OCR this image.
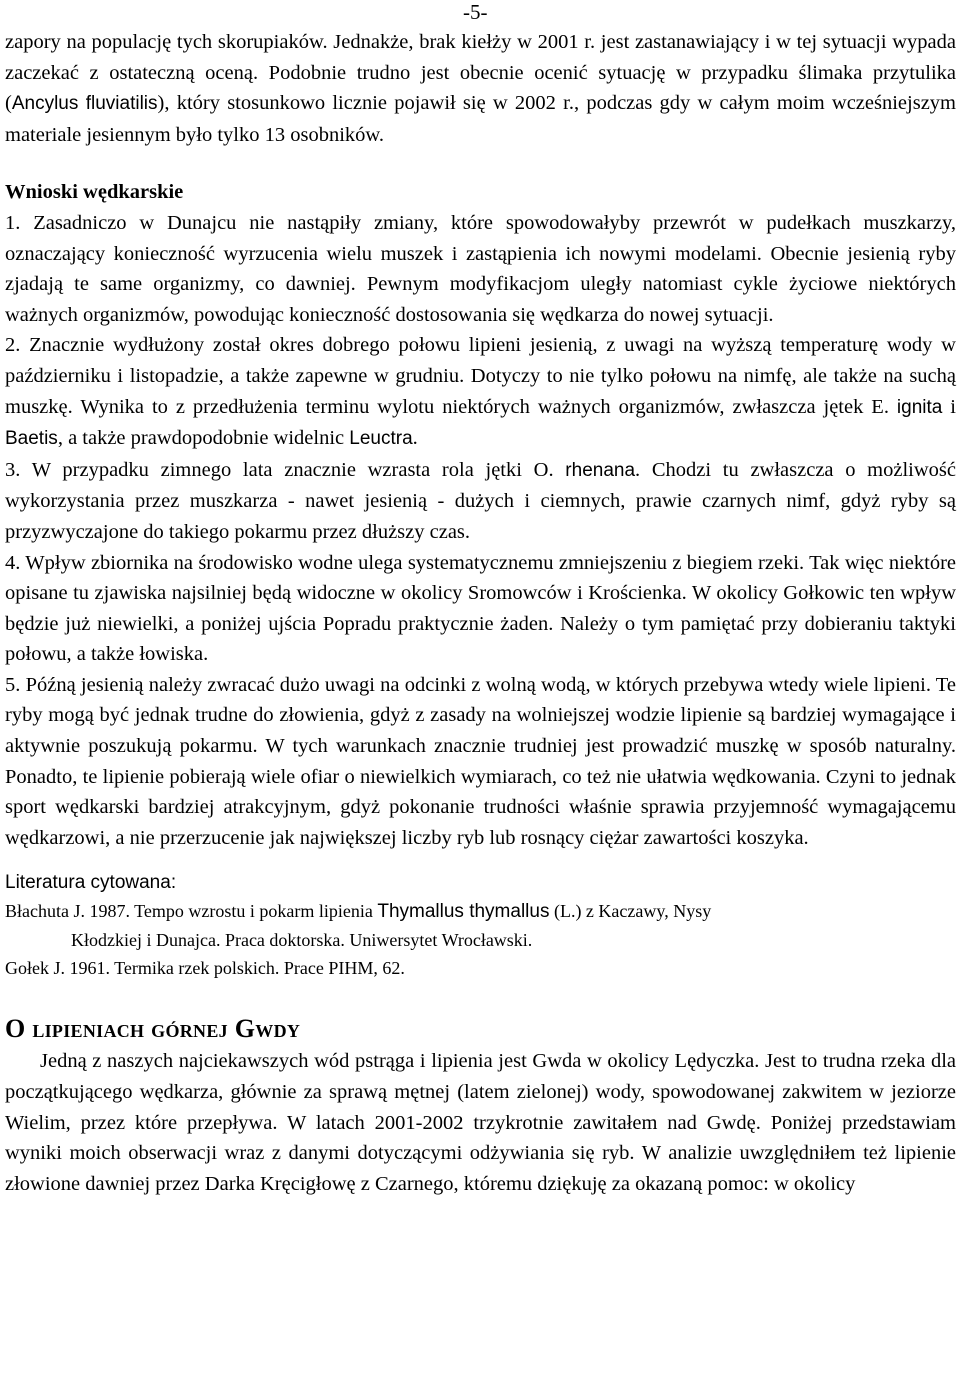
-5-

zapory na populację tych skorupiaków. Jednakże, brak kiełży w 2001 r. jest zastanawiający i w tej sytuacji wypada zaczekać z ostateczną oceną. Podobnie trudno jest obecnie ocenić sytuację w przypadku ślimaka przytulika (Ancylus fluviatilis), który stosunkowo licznie pojawił się w 2002 r., podczas gdy w całym moim wcześniejszym materiale jesiennym było tylko 13 osobników.

Wnioski wędkarskie

1. Zasadniczo w Dunajcu nie nastąpiły zmiany, które spowodowałyby przewrót w pudełkach muszkarzy, oznaczający konieczność wyrzucenia wielu muszek i zastąpienia ich nowymi modelami. Obecnie jesienią ryby zjadają te same organizmy, co dawniej. Pewnym modyfikacjom uległy natomiast cykle życiowe niektórych ważnych organizmów, powodując konieczność dostosowania się wędkarza do nowej sytuacji.

2. Znacznie wydłużony został okres dobrego połowu lipieni jesienią, z uwagi na wyższą temperaturę wody w październiku i listopadzie, a także zapewne w grudniu. Dotyczy to nie tylko połowu na nimfę, ale także na suchą muszkę. Wynika to z przedłużenia terminu wylotu niektórych ważnych organizmów, zwłaszcza jętek E. ignita i Baetis, a także prawdopodobnie widelnic Leuctra.

3. W przypadku zimnego lata znacznie wzrasta rola jętki O. rhenana. Chodzi tu zwłaszcza o możliwość wykorzystania przez muszkarza - nawet jesienią - dużych i ciemnych, prawie czarnych nimf, gdyż ryby są przyzwyczajone do takiego pokarmu przez dłuższy czas.

4. Wpływ zbiornika na środowisko wodne ulega systematycznemu zmniejszeniu z biegiem rzeki. Tak więc niektóre opisane tu zjawiska najsilniej będą widoczne w okolicy Sromowców i Krościenka. W okolicy Gołkowic ten wpływ będzie już niewielki, a poniżej ujścia Popradu praktycznie żaden. Należy o tym pamiętać przy dobieraniu taktyki połowu, a także łowiska.

5. Późną jesienią należy zwracać dużo uwagi na odcinki z wolną wodą, w których przebywa wtedy wiele lipieni. Te ryby mogą być jednak trudne do złowienia, gdyż z zasady na wolniejszej wodzie lipienie są bardziej wymagające i aktywnie poszukują pokarmu. W tych warunkach znacznie trudniej jest prowadzić muszkę w sposób naturalny. Ponadto, te lipienie pobierają wiele ofiar o niewielkich wymiarach, co też nie ułatwia wędkowania. Czyni to jednak sport wędkarski bardziej atrakcyjnym, gdyż pokonanie trudności właśnie sprawia przyjemność wymagającemu wędkarzowi, a nie przerzucenie jak największej liczby ryb lub rosnący ciężar zawartości koszyka.

Literatura cytowana:

Błachuta J. 1987. Tempo wzrostu i pokarm lipienia Thymallus thymallus (L.) z Kaczawy, Nysy
Kłodzkiej i Dunajca. Praca doktorska. Uniwersytet Wrocławski.

Gołek J. 1961. Termika rzek polskich. Prace PIHM, 62.

O lipieniach górnej Gwdy

Jedną z naszych najciekawszych wód pstrąga i lipienia jest Gwda w okolicy Lędyczka. Jest to trudna rzeka dla początkującego wędkarza, głównie za sprawą mętnej (latem zielonej) wody, spowodowanej zakwitem w jeziorze Wielim, przez które przepływa. W latach 2001-2002 trzykrotnie zawitałem nad Gwdę. Poniżej przedstawiam wyniki moich obserwacji wraz z danymi dotyczącymi odżywiania się ryb. W analizie uwzględniłem też lipienie złowione dawniej przez Darka Kręcigłowę z Czarnego, któremu dziękuję za okazaną pomoc: w okolicy
